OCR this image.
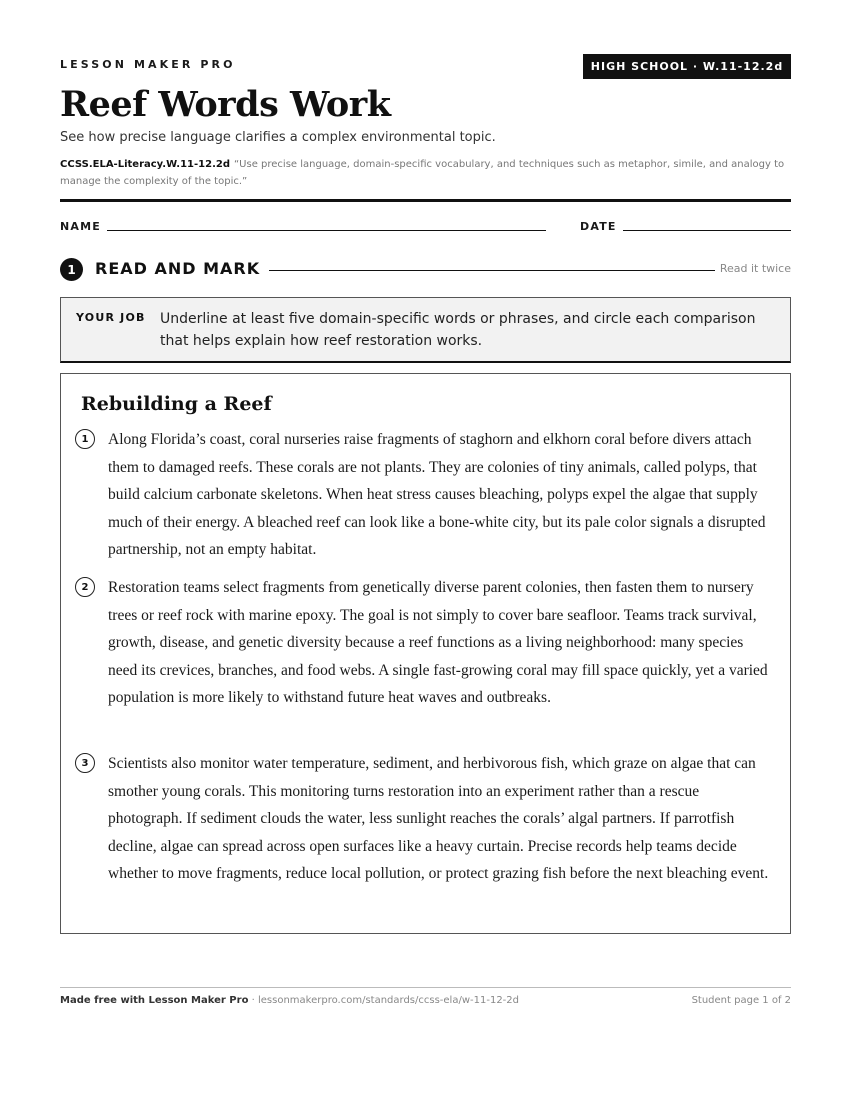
LESSON MAKER PRO	HIGH SCHOOL · W.11-12.2d
Reef Words Work
See how precise language clarifies a complex environmental topic.
CCSS.ELA-Literacy.W.11-12.2d “Use precise language, domain-specific vocabulary, and techniques such as metaphor, simile, and analogy to manage the complexity of the topic.”
NAME	DATE
1	READ AND MARK	Read it twice
YOUR JOB Underline at least five domain-specific words or phrases, and circle each comparison that helps explain how reef restoration works.
Rebuilding a Reef
1	Along Florida’s coast, coral nurseries raise fragments of staghorn and elkhorn coral before divers attach them to damaged reefs. These corals are not plants. They are colonies of tiny animals, called polyps, that build calcium carbonate skeletons. When heat stress causes bleaching, polyps expel the algae that supply much of their energy. A bleached reef can look like a bone-white city, but its pale color signals a disrupted partnership, not an empty habitat.
2	Restoration teams select fragments from genetically diverse parent colonies, then fasten them to nursery trees or reef rock with marine epoxy. The goal is not simply to cover bare seafloor. Teams track survival, growth, disease, and genetic diversity because a reef functions as a living neighborhood: many species need its crevices, branches, and food webs. A single fast-growing coral may fill space quickly, yet a varied population is more likely to withstand future heat waves and outbreaks.
3	Scientists also monitor water temperature, sediment, and herbivorous fish, which graze on algae that can smother young corals. This monitoring turns restoration into an experiment rather than a rescue photograph. If sediment clouds the water, less sunlight reaches the corals’ algal partners. If parrotfish decline, algae can spread across open surfaces like a heavy curtain. Precise records help teams decide whether to move fragments, reduce local pollution, or protect grazing fish before the next bleaching event.
Made free with Lesson Maker Pro · lessonmakerpro.com/standards/ccss-ela/w-11-12-2d	Student page 1 of 2
